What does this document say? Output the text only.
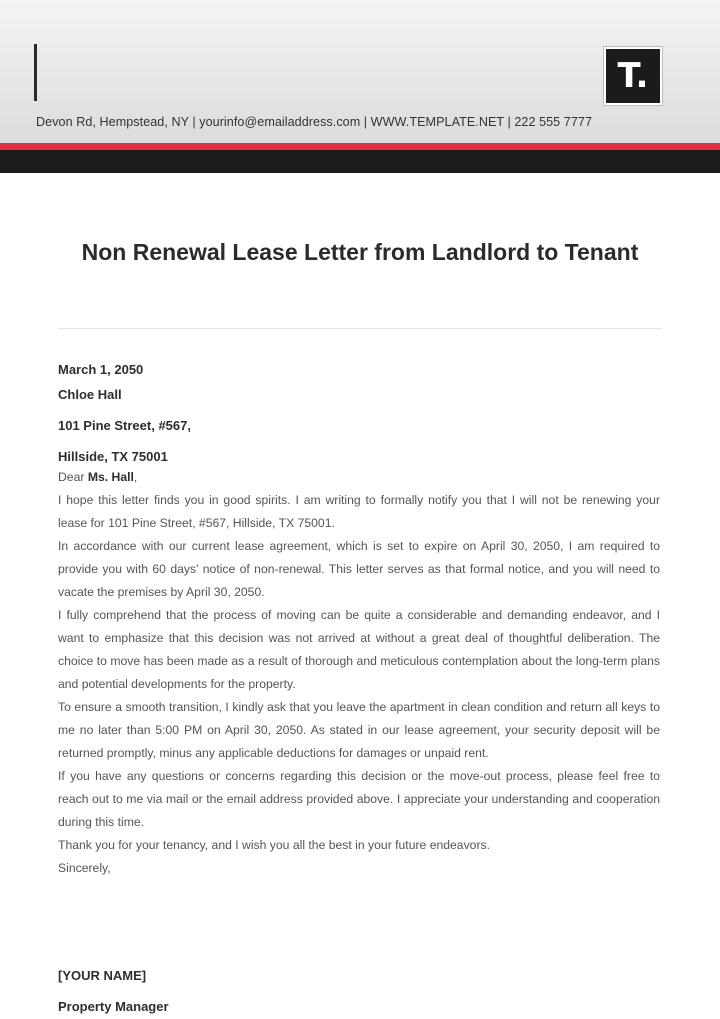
T.
Devon Rd, Hempstead, NY | yourinfo@emailaddress.com | WWW.TEMPLATE.NET | 222 555 7777
Non Renewal Lease Letter from Landlord to Tenant
March 1, 2050
Chloe Hall
101 Pine Street, #567,
Hillside, TX 75001

Dear Ms. Hall,

I hope this letter finds you in good spirits. I am writing to formally notify you that I will not be renewing your lease for 101 Pine Street, #567, Hillside, TX 75001.

In accordance with our current lease agreement, which is set to expire on April 30, 2050, I am required to provide you with 60 days' notice of non-renewal. This letter serves as that formal notice, and you will need to vacate the premises by April 30, 2050.

I fully comprehend that the process of moving can be quite a considerable and demanding endeavor, and I want to emphasize that this decision was not arrived at without a great deal of thoughtful deliberation. The choice to move has been made as a result of thorough and meticulous contemplation about the long-term plans and potential developments for the property.

To ensure a smooth transition, I kindly ask that you leave the apartment in clean condition and return all keys to me no later than 5:00 PM on April 30, 2050. As stated in our lease agreement, your security deposit will be returned promptly, minus any applicable deductions for damages or unpaid rent.

If you have any questions or concerns regarding this decision or the move-out process, please feel free to reach out to me via mail or the email address provided above. I appreciate your understanding and cooperation during this time.

Thank you for your tenancy, and I wish you all the best in your future endeavors.

Sincerely,

[YOUR NAME]
Property Manager
